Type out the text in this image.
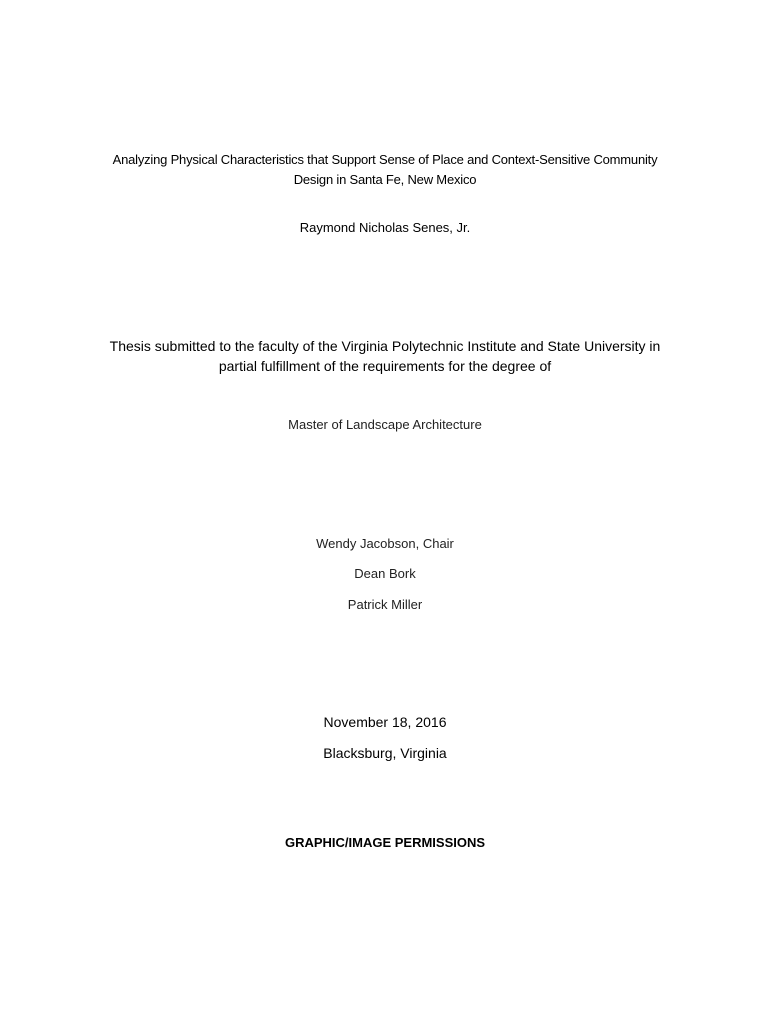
Analyzing Physical Characteristics that Support Sense of Place and Context-Sensitive Community
Design in Santa Fe, New Mexico
Raymond Nicholas Senes, Jr.
Thesis submitted to the faculty of the Virginia Polytechnic Institute and State University in
partial fulfillment of the requirements for the degree of
Master of Landscape Architecture
Wendy Jacobson, Chair
Dean Bork
Patrick Miller
November 18, 2016
Blacksburg, Virginia
GRAPHIC/IMAGE PERMISSIONS
